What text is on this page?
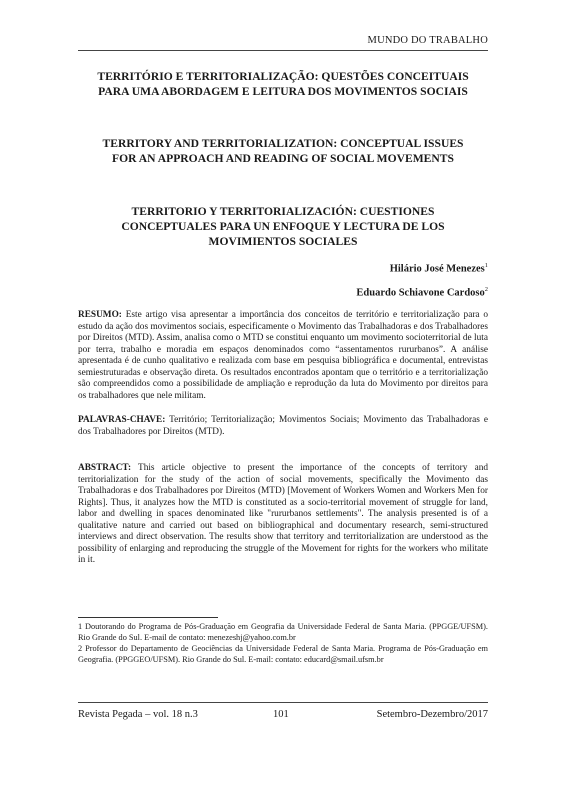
MUNDO DO TRABALHO
TERRITÓRIO E TERRITORIALIZAÇÃO: QUESTÕES CONCEITUAIS PARA UMA ABORDAGEM E LEITURA DOS MOVIMENTOS SOCIAIS
TERRITORY AND TERRITORIALIZATION: CONCEPTUAL ISSUES FOR AN APPROACH AND READING OF SOCIAL MOVEMENTS
TERRITORIO Y TERRITORIALIZACIÓN: CUESTIONES CONCEPTUALES PARA UN ENFOQUE Y LECTURA DE LOS MOVIMIENTOS SOCIALES
Hilário José Menezes$^1$
Eduardo Schiavone Cardoso$^2$

RESUMO: Este artigo visa apresentar a importância dos conceitos de território e territorialização para o estudo da ação dos movimentos sociais, especificamente o Movimento das Trabalhadoras e dos Trabalhadores por Direitos (MTD). Assim, analisa como o MTD se constitui enquanto um movimento socioterritorial de luta por terra, trabalho e moradia em espaços denominados como “assentamentos rururbanos”. A análise apresentada é de cunho qualitativo e realizada com base em pesquisa bibliográfica e documental, entrevistas semiestruturadas e observação direta. Os resultados encontrados apontam que o território e a territorialização são compreendidos como a possibilidade de ampliação e reprodução da luta do Movimento por direitos para os trabalhadores que nele militam.

PALAVRAS-CHAVE: Território; Territorialização; Movimentos Sociais; Movimento das Trabalhadoras e dos Trabalhadores por Direitos (MTD).

ABSTRACT: This article objective to present the importance of the concepts of territory and territorialization for the study of the action of social movements, specifically the Movimento das Trabalhadoras e dos Trabalhadores por Direitos (MTD) [Movement of Workers Women and Workers Men for Rights]. Thus, it analyzes how the MTD is constituted as a socio-territorial movement of struggle for land, labor and dwelling in spaces denominated like "rururbanos settlements". The analysis presented is of a qualitative nature and carried out based on bibliographical and documentary research, semi-structured interviews and direct observation. The results show that territory and territorialization are understood as the possibility of enlarging and reproducing the struggle of the Movement for rights for the workers who militate in it.

1 Doutorando do Programa de Pós-Graduação em Geografia da Universidade Federal de Santa Maria. (PPGGE/UFSM). Rio Grande do Sul. E-mail de contato: menezeshj@yahoo.com.br

2 Professor do Departamento de Geociências da Universidade Federal de Santa Maria. Programa de Pós-Graduação em Geografia. (PPGGEO/UFSM). Rio Grande do Sul. E-mail: contato: educard@smail.ufsm.br

Revista Pegada – vol. 18 n.3	101	Setembro-Dezembro/2017
